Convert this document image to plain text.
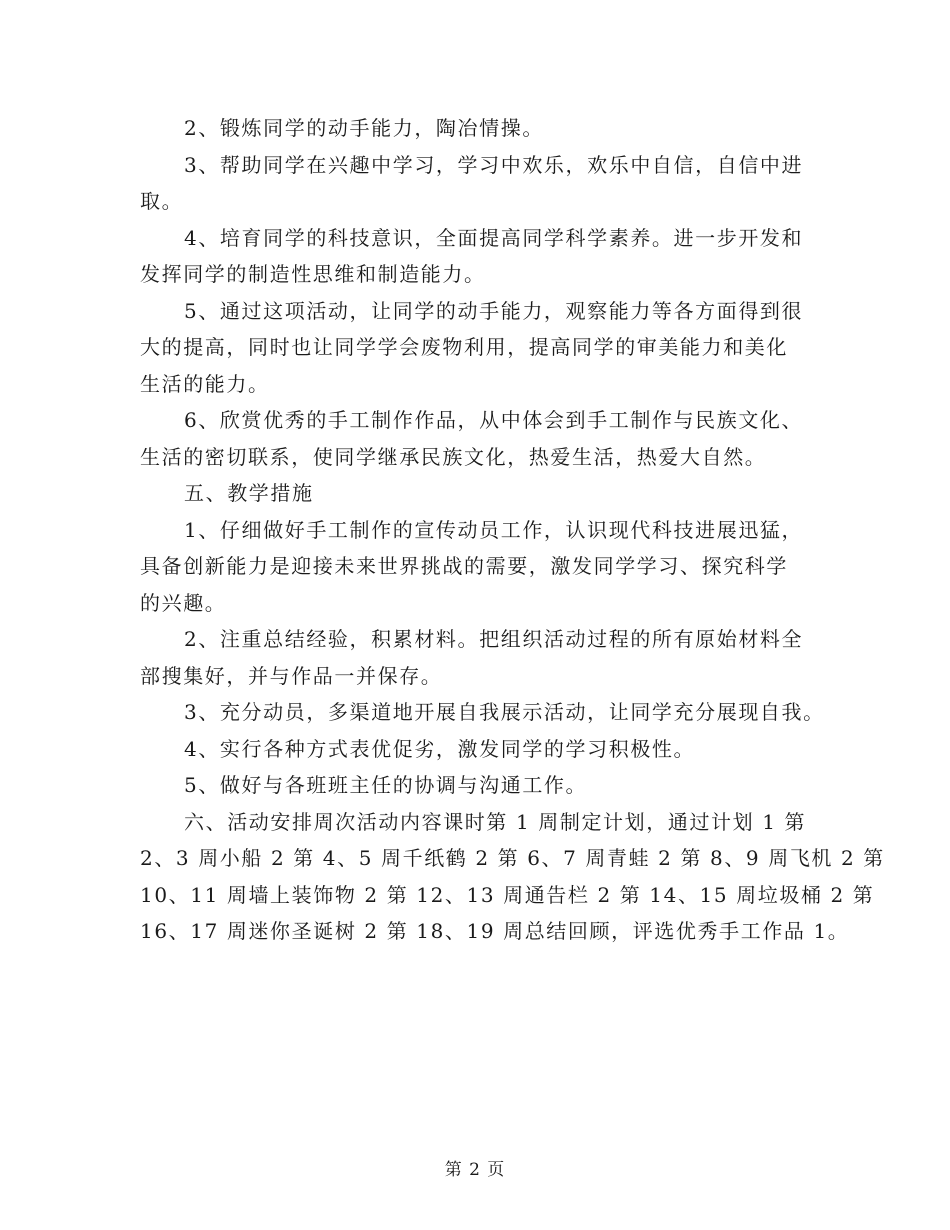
2、锻炼同学的动手能力，陶冶情操。
3、帮助同学在兴趣中学习，学习中欢乐，欢乐中自信，自信中进
取。
4、培育同学的科技意识，全面提高同学科学素养。进一步开发和
发挥同学的制造性思维和制造能力。
5、通过这项活动，让同学的动手能力，观察能力等各方面得到很
大的提高，同时也让同学学会废物利用，提高同学的审美能力和美化
生活的能力。
6、欣赏优秀的手工制作作品，从中体会到手工制作与民族文化、
生活的密切联系，使同学继承民族文化，热爱生活，热爱大自然。
五、教学措施
1、仔细做好手工制作的宣传动员工作，认识现代科技进展迅猛，
具备创新能力是迎接未来世界挑战的需要，激发同学学习、探究科学
的兴趣。
2、注重总结经验，积累材料。把组织活动过程的所有原始材料全
部搜集好，并与作品一并保存。
3、充分动员，多渠道地开展自我展示活动，让同学充分展现自我。
4、实行各种方式表优促劣，激发同学的学习积极性。
5、做好与各班班主任的协调与沟通工作。
六、活动安排周次活动内容课时第 1 周制定计划，通过计划 1 第
2、3 周小船 2 第 4、5 周千纸鹤 2 第 6、7 周青蛙 2 第 8、9 周飞机 2 第
10、11 周墙上装饰物 2 第 12、13 周通告栏 2 第 14、15 周垃圾桶 2 第
16、17 周迷你圣诞树 2 第 18、19 周总结回顾，评选优秀手工作品 1。
第 2 页
